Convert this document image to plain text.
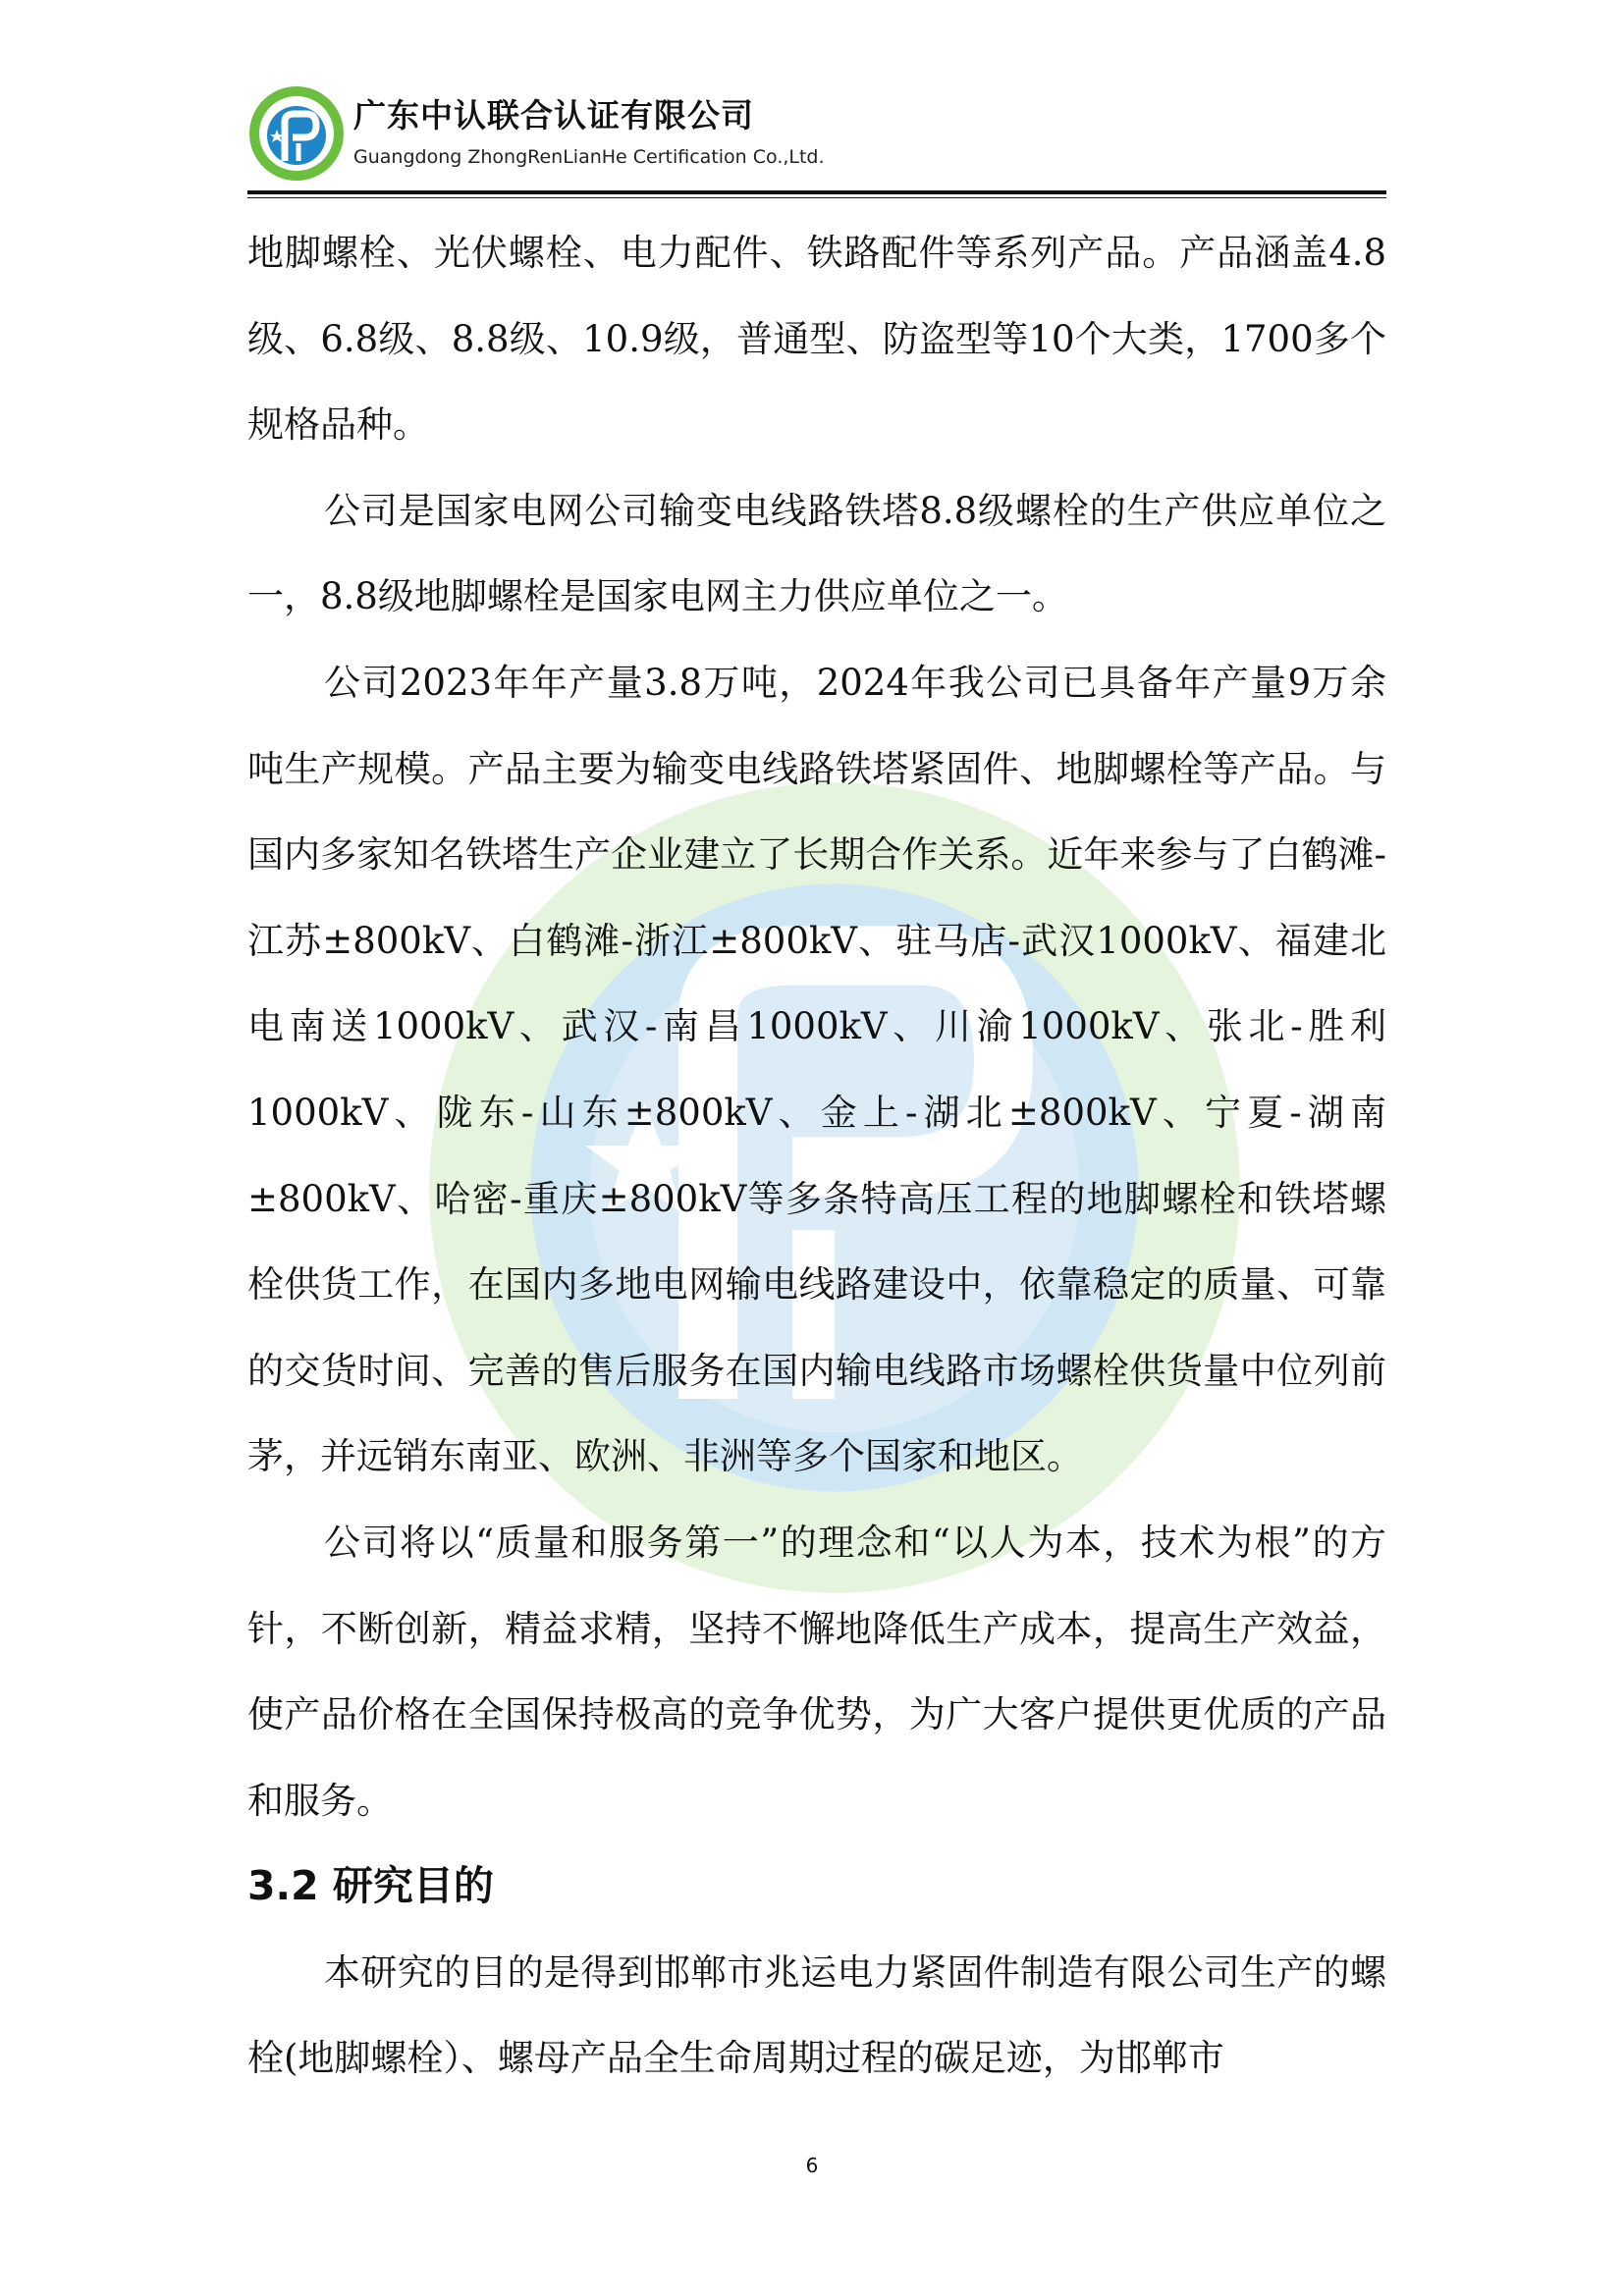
广东中认联合认证有限公司
Guangdong ZhongRenLianHe Certification Co.,Ltd.

地脚螺栓、光伏螺栓、电力配件、铁路配件等系列产品。产品涵盖4.8级、6.8级、8.8级、10.9级，普通型、防盗型等10个大类，1700多个规格品种。

公司是国家电网公司输变电线路铁塔8.8级螺栓的生产供应单位之一，8.8级地脚螺栓是国家电网主力供应单位之一。

公司2023年年产量3.8万吨，2024年我公司已具备年产量9万余吨生产规模。产品主要为输变电线路铁塔紧固件、地脚螺栓等产品。与国内多家知名铁塔生产企业建立了长期合作关系。近年来参与了白鹤滩-江苏±800kV、白鹤滩-浙江±800kV、驻马店-武汉1000kV、福建北电南送1000kV、武汉-南昌1000kV、川渝1000kV、张北-胜利1000kV、陇东-山东±800kV、金上-湖北±800kV、宁夏-湖南±800kV、哈密-重庆±800kV等多条特高压工程的地脚螺栓和铁塔螺栓供货工作，在国内多地电网输电线路建设中，依靠稳定的质量、可靠的交货时间、完善的售后服务在国内输电线路市场螺栓供货量中位列前茅，并远销东南亚、欧洲、非洲等多个国家和地区。

公司将以“质量和服务第一”的理念和“以人为本，技术为根”的方针，不断创新，精益求精，坚持不懈地降低生产成本，提高生产效益，使产品价格在全国保持极高的竞争优势，为广大客户提供更优质的产品和服务。

3.2 研究目的

本研究的目的是得到邯郸市兆运电力紧固件制造有限公司生产的螺栓(地脚螺栓）、螺母产品全生命周期过程的碳足迹，为邯郸市

6
